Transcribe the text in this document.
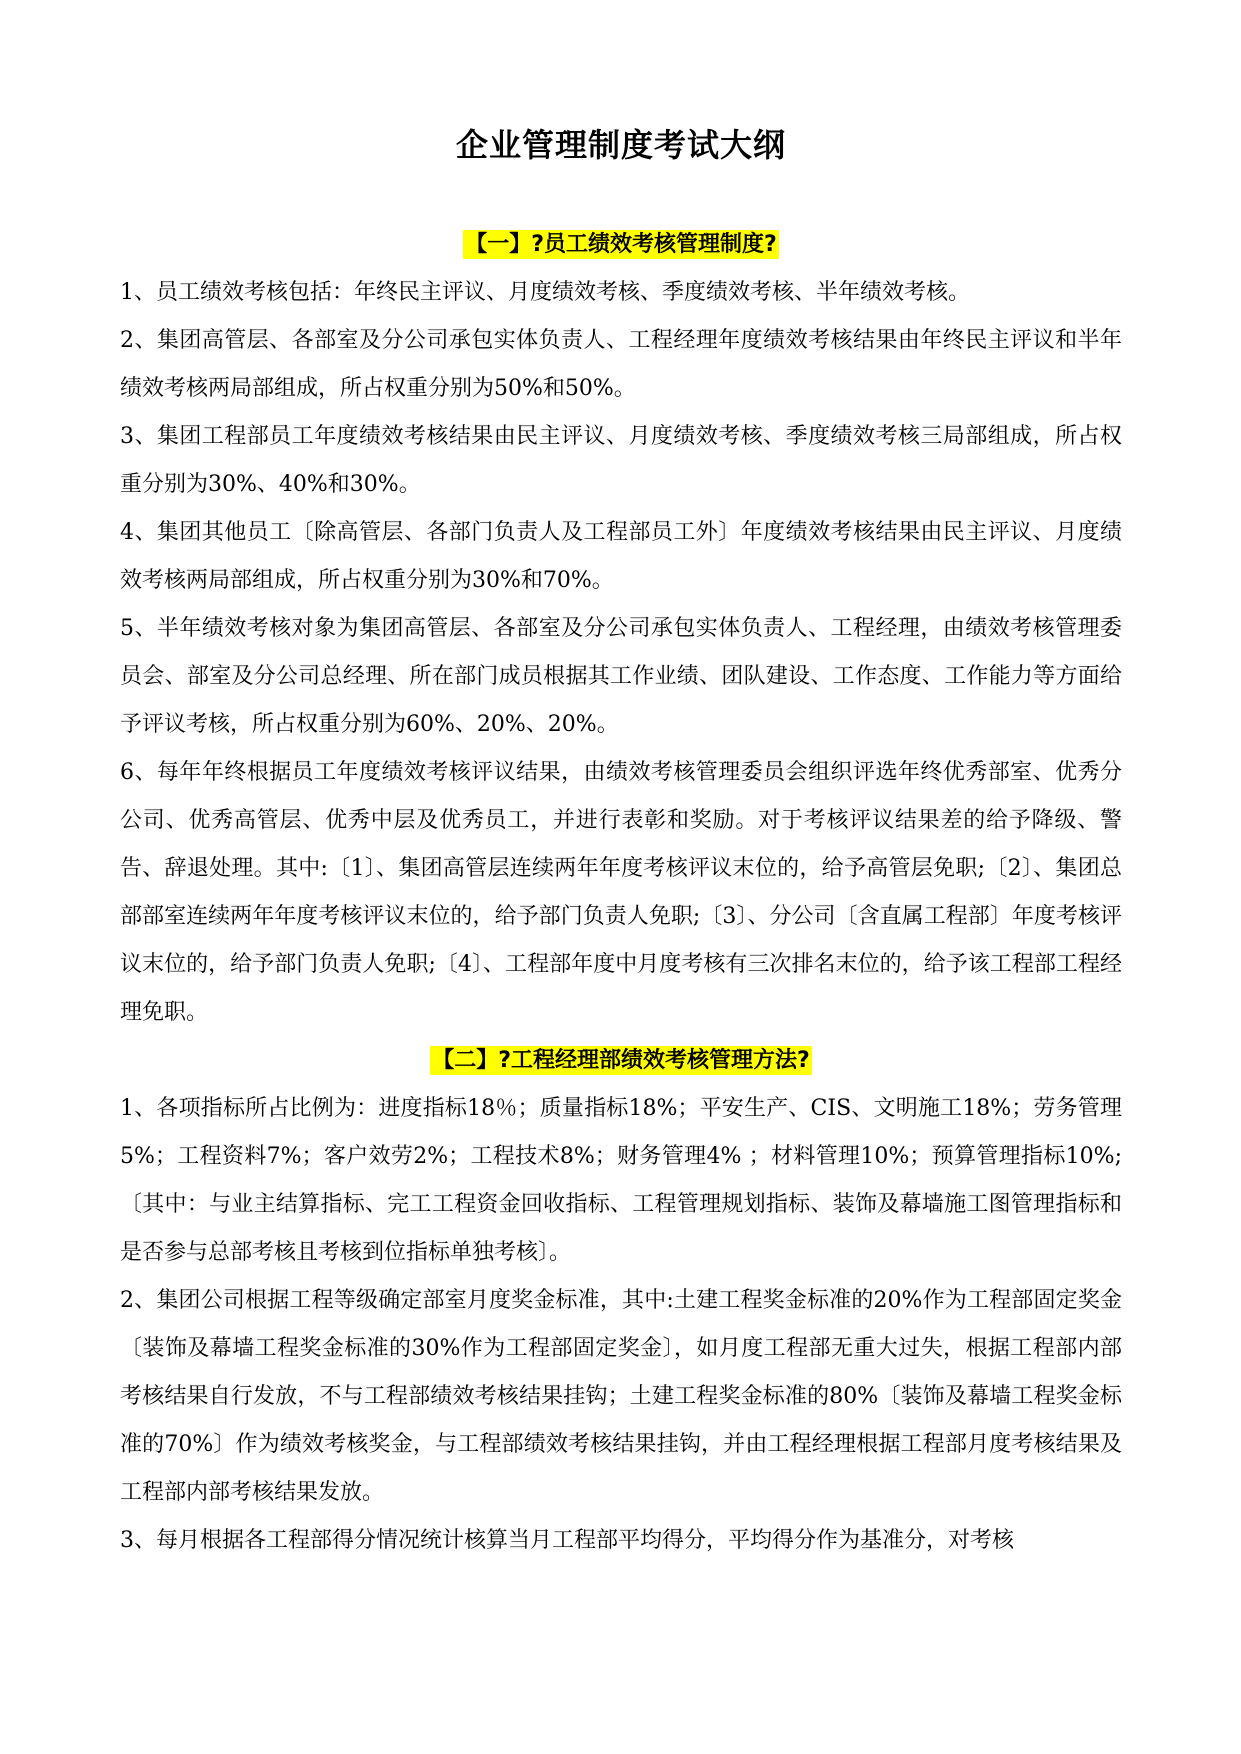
企业管理制度考试大纲
【一】?员工绩效考核管理制度?

1、员工绩效考核包括：年终民主评议、月度绩效考核、季度绩效考核、半年绩效考核。

2、集团高管层、各部室及分公司承包实体负责人、工程经理年度绩效考核结果由年终民主评议和半年绩效考核两局部组成，所占权重分别为50%和50%。

3、集团工程部员工年度绩效考核结果由民主评议、月度绩效考核、季度绩效考核三局部组成，所占权重分别为30%、40%和30%。

4、集团其他员工〔除高管层、各部门负责人及工程部员工外〕年度绩效考核结果由民主评议、月度绩效考核两局部组成，所占权重分别为30%和70%。

5、半年绩效考核对象为集团高管层、各部室及分公司承包实体负责人、工程经理，由绩效考核管理委员会、部室及分公司总经理、所在部门成员根据其工作业绩、团队建设、工作态度、工作能力等方面给予评议考核，所占权重分别为60%、20%、20%。

6、每年年终根据员工年度绩效考核评议结果，由绩效考核管理委员会组织评选年终优秀部室、优秀分公司、优秀高管层、优秀中层及优秀员工，并进行表彰和奖励。对于考核评议结果差的给予降级、警告、辞退处理。其中:〔1〕、集团高管层连续两年年度考核评议末位的，给予高管层免职;〔2〕、集团总部部室连续两年年度考核评议末位的，给予部门负责人免职;〔3〕、分公司〔含直属工程部〕年度考核评议末位的，给予部门负责人免职;〔4〕、工程部年度中月度考核有三次排名末位的，给予该工程部工程经理免职。

【二】?工程经理部绩效考核管理方法?

1、各项指标所占比例为：进度指标18％；质量指标18%；平安生产、CIS、文明施工18%；劳务管理5%；工程资料7%；客户效劳2%；工程技术8%；财务管理4% ；材料管理10%；预算管理指标10%;〔其中：与业主结算指标、完工工程资金回收指标、工程管理规划指标、装饰及幕墙施工图管理指标和是否参与总部考核且考核到位指标单独考核〕。

2、集团公司根据工程等级确定部室月度奖金标准，其中:土建工程奖金标准的20%作为工程部固定奖金〔装饰及幕墙工程奖金标准的30%作为工程部固定奖金〕，如月度工程部无重大过失，根据工程部内部考核结果自行发放，不与工程部绩效考核结果挂钩；土建工程奖金标准的80%〔装饰及幕墙工程奖金标准的70%〕作为绩效考核奖金，与工程部绩效考核结果挂钩，并由工程经理根据工程部月度考核结果及工程部内部考核结果发放。

3、每月根据各工程部得分情况统计核算当月工程部平均得分，平均得分作为基准分，对考核
